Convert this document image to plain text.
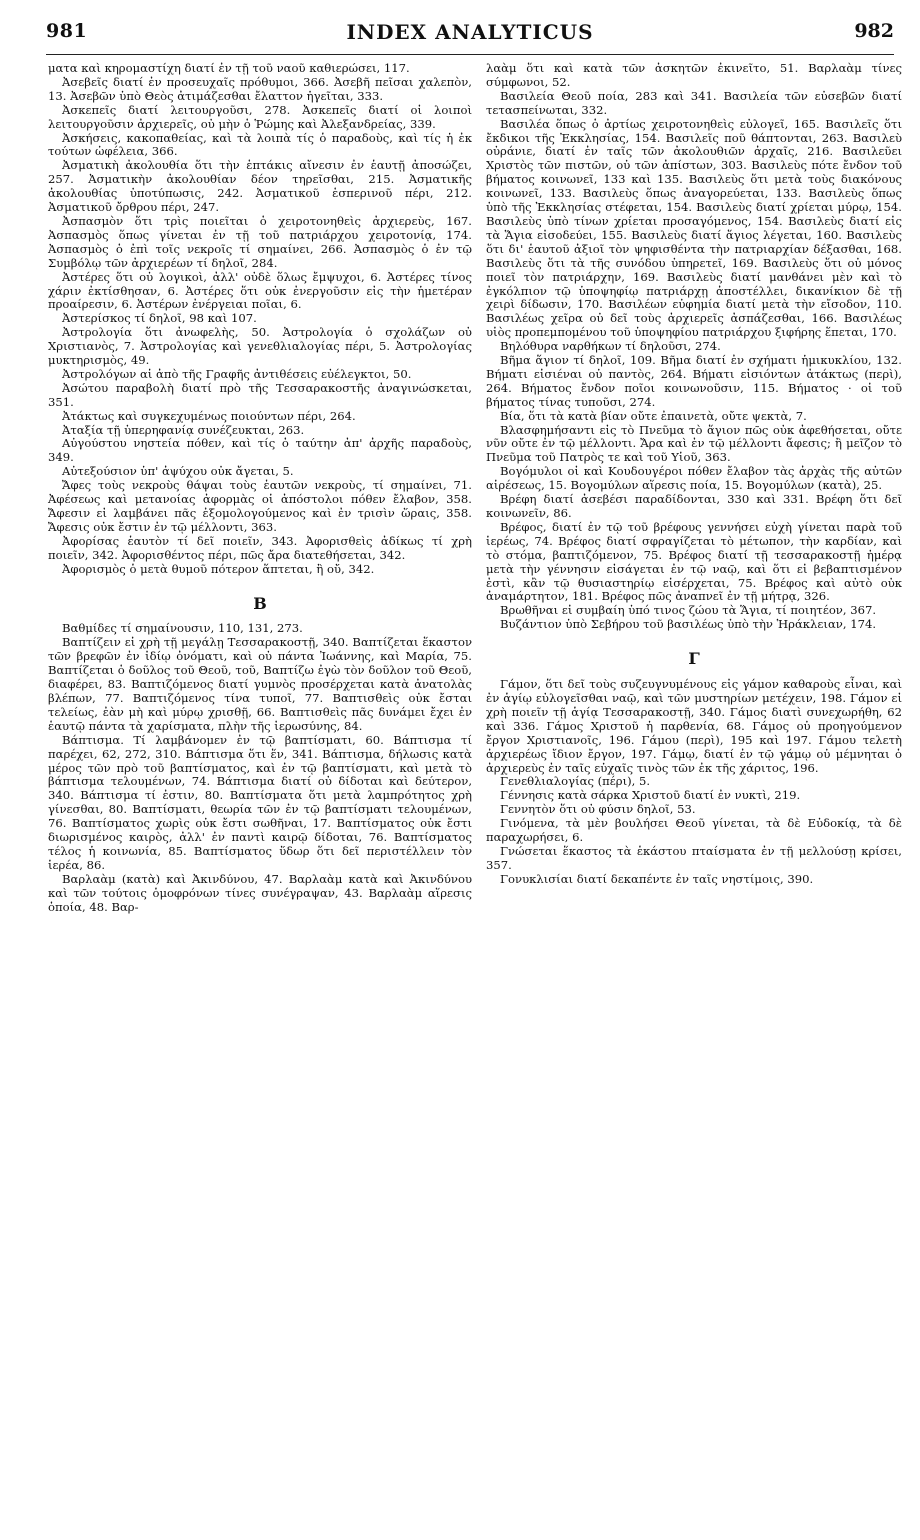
981	INDEX ANALYTICUS	982

ματα καὶ κηρομαστίχη διατί ἐν τῇ τοῦ ναοῦ καθιερώσει, 117.

Ἀσεβεῖς διατί ἐν προσευχαῖς πρόθυμοι, 366. Ἀσεβῆ πεῖσαι χαλεπὸν, 13. Ἀσεβῶν ὑπὸ Θεὸς ἀτιμάζεσθαι ἔλαττον ἡγεῖται, 333.

Ἀσκεπεῖς διατί λειτουργοῦσι, 278. Ἀσκεπεῖς διατί οἱ λοιποὶ λειτουργοῦσιν ἀρχιερεῖς, οὐ μὴν ὁ Ῥώμης καὶ Ἀλεξανδρείας, 339.

Ἀσκήσεις, κακοπαθείας, καὶ τὰ λοιπὰ τίς ὁ παραδοὺς, καὶ τίς ἡ ἐκ τούτων ὠφέλεια, 366.

Ἀσματικὴ ἀκολουθία ὅτι τὴν ἑπτάκις αἴνεσιν ἐν ἑαυτῇ ἀποσώζει, 257. Ἀσματικὴν ἀκολουθίαν δέον τηρεῖσθαι, 215. Ἀσματικῆς ἀκολουθίας ὑποτύπωσις, 242. Ἀσματικοῦ ἑσπερινοῦ πέρι, 212. Ἀσματικοῦ ὄρθρου πέρι, 247.

Ἀσπασμὸν ὅτι τρὶς ποιεῖται ὁ χειροτονηθεὶς ἀρχιερεὺς, 167. Ἀσπασμὸς ὅπως γίνεται ἐν τῇ τοῦ πατριάρχου χειροτονίᾳ, 174. Ἀσπασμὸς ὁ ἐπὶ τοῖς νεκροῖς τί σημαίνει, 266. Ἀσπασμὸς ὁ ἐν τῷ Συμβόλῳ τῶν ἀρχιερέων τί δηλοῖ, 284.

Ἀστέρες ὅτι οὐ λογικοὶ, ἀλλ' οὐδὲ ὅλως ἔμψυχοι, 6. Ἀστέρες τίνος χάριν ἐκτίσθησαν, 6. Ἀστέρες ὅτι οὐκ ἐνεργοῦσιν εἰς τὴν ἡμετέραν προαίρεσιν, 6. Ἀστέρων ἐνέργειαι ποῖαι, 6.

Ἀστερίσκος τί δηλοῖ, 98 καὶ 107.

Ἀστρολογία ὅτι ἀνωφελὴς, 50. Ἀστρολογία ὁ σχολάζων οὐ Χριστιανὸς, 7. Ἀστρολογίας καὶ γενεθλιαλογίας πέρι, 5. Ἀστρολογίας μυκτηρισμὸς, 49.

Ἀστρολόγων αἱ ἀπὸ τῆς Γραφῆς ἀντιθέσεις εὐέλεγκτοι, 50.

Ἀσώτου παραβολὴ διατί πρὸ τῆς Τεσσαρακοστῆς ἀναγινώσκεται, 351.

Ἀτάκτως καὶ συγκεχυμένως ποιούντων πέρι, 264.

Ἀταξία τῇ ὑπερηφανίᾳ συνέζευκται, 263.

Αὐγούστου νηστεία πόθεν, καὶ τίς ὁ ταύτην ἀπ' ἀρχῆς παραδοὺς, 349.

Αὐτεξούσιον ὑπ' ἀψύχου οὐκ ἄγεται, 5.

Ἄφες τοὺς νεκροὺς θάψαι τοὺς ἑαυτῶν νεκροὺς, τί σημαίνει, 71. Ἀφέσεως καὶ μετανοίας ἀφορμὰς οἱ ἀπόστολοι πόθεν ἔλαβον, 358. Ἄφεσιν εἰ λαμβάνει πᾶς ἐξομολογούμενος καὶ ἐν τρισὶν ὥραις, 358. Ἄφεσις οὐκ ἔστιν ἐν τῷ μέλλοντι, 363.

Ἀφορίσας ἑαυτὸν τί δεῖ ποιεῖν, 343. Ἀφορισθεὶς ἀδίκως τί χρὴ ποιεῖν, 342. Ἀφορισθέντος πέρι, πῶς ἄρα διατεθήσεται, 342.

Ἀφορισμὸς ὁ μετὰ θυμοῦ πότερον ἅπτεται, ἢ οὔ, 342.

B

Βαθμίδες τί σημαίνουσιν, 110, 131, 273.

Βαπτίζειν εἰ χρὴ τῇ μεγάλῃ Τεσσαρακοστῇ, 340. Βαπτίζεται ἕκαστον τῶν βρεφῶν ἐν ἰδίῳ ὀνόματι, καὶ οὐ πάντα Ἰωάννης, καὶ Μαρία, 75. Βαπτίζεται ὁ δοῦλος τοῦ Θεοῦ, τοῦ, Βαπτίζω ἐγὼ τὸν δοῦλον τοῦ Θεοῦ, διαφέρει, 83. Βαπτιζόμενος διατί γυμνὸς προσέρχεται κατὰ ἀνατολὰς βλέπων, 77. Βαπτιζόμενος τίνα τυποῖ, 77. Βαπτισθεὶς οὐκ ἔσται τελείως, ἐὰν μὴ καὶ μύρῳ χρισθῇ, 66. Βαπτισθεὶς πᾶς δυνάμει ἔχει ἐν ἑαυτῷ πάντα τὰ χαρίσματα, πλὴν τῆς ἱερωσύνης, 84.

Βάπτισμα. Τί λαμβάνομεν ἐν τῷ βαπτίσματι, 60. Βάπτισμα τί παρέχει, 62, 272, 310. Βάπτισμα ὅτι ἕν, 341. Βάπτισμα, δήλωσις κατὰ μέρος τῶν πρὸ τοῦ βαπτίσματος, καὶ ἐν τῷ βαπτίσματι, καὶ μετὰ τὸ βάπτισμα τελουμένων, 74. Βάπτισμα διατί οὐ δίδοται καὶ δεύτερον, 340. Βάπτισμα τί ἐστιν, 80. Βαπτίσματα ὅτι μετὰ λαμπρότητος χρὴ γίνεσθαι, 80. Βαπτίσματι, θεωρία τῶν ἐν τῷ βαπτίσματι τελουμένων, 76. Βαπτίσματος χωρὶς οὐκ ἔστι σωθῆναι, 17. Βαπτίσματος οὐκ ἔστι διωρισμένος καιρὸς, ἀλλ' ἐν παντὶ καιρῷ δίδοται, 76. Βαπτίσματος τέλος ἡ κοινωνία, 85. Βαπτίσματος ὕδωρ ὅτι δεῖ περιστέλλειν τὸν ἱερέα, 86.

Βαρλαὰμ (κατὰ) καὶ Ἀκινδύνου, 47. Βαρλαὰμ κατὰ καὶ Ἀκινδύνου καὶ τῶν τούτοις ὁμοφρόνων τίνες συνέγραψαν, 43. Βαρλαὰμ αἵρεσις ὁποία, 48. Βαρ-

λαὰμ ὅτι καὶ κατὰ τῶν ἀσκητῶν ἐκινεῖτο, 51. Βαρλαὰμ τίνες σύμφωνοι, 52.

Βασιλεία Θεοῦ ποία, 283 καὶ 341. Βασιλεία τῶν εὐσεβῶν διατί τετασπείνωται, 332.

Βασιλέα ὅπως ὁ ἀρτίως χειροτονηθεὶς εὐλογεῖ, 165. Βασιλεῖς ὅτι ἔκδικοι τῆς Ἐκκλησίας, 154. Βασιλεῖς ποῦ θάπτονται, 263. Βασιλεὺ οὐράνιε, διατί ἐν ταῖς τῶν ἀκολουθιῶν ἀρχαῖς, 216. Βασιλεῦει Χριστὸς τῶν πιστῶν, οὐ τῶν ἀπίστων, 303. Βασιλεὺς πότε ἔνδον τοῦ βήματος κοινωνεῖ, 133 καὶ 135. Βασιλεὺς ὅτι μετὰ τοὺς διακόνους κοινωνεῖ, 133. Βασιλεὺς ὅπως ἀναγορεύεται, 133. Βασιλεὺς ὅπως ὑπὸ τῆς Ἐκκλησίας στέφεται, 154. Βασιλεὺς διατί χρίεται μύρῳ, 154. Βασιλεὺς ὑπὸ τίνων χρίεται προσαγόμενος, 154. Βασιλεὺς διατί εἰς τὰ Ἅγια εἰσοδεύει, 155. Βασιλεὺς διατί ἅγιος λέγεται, 160. Βασιλεὺς ὅτι δι' ἑαυτοῦ ἀξιοῖ τὸν ψηφισθέντα τὴν πατριαρχίαν δέξασθαι, 168. Βασιλεὺς ὅτι τὰ τῆς συνόδου ὑπηρετεῖ, 169. Βασιλεὺς ὅτι οὐ μόνος ποιεῖ τὸν πατριάρχην, 169. Βασιλεὺς διατί μανθάνει μὲν καὶ τὸ ἐγκόλπιον τῷ ὑποψηφίῳ πατριάρχῃ ἀποστέλλει, δικανίκιον δὲ τῇ χειρὶ δίδωσιν, 170. Βασιλέων εὐφημία διατί μετὰ τὴν εἴσοδον, 110. Βασιλέως χεῖρα οὐ δεῖ τοὺς ἀρχιερεῖς ἀσπάζεσθαι, 166. Βασιλέως υἱὸς προπεμπομένου τοῦ ὑποψηφίου πατριάρχου ξιφήρης ἕπεται, 170.

Βηλόθυρα ναρθήκων τί δηλοῦσι, 274.

Βῆμα ἅγιον τί δηλοῖ, 109. Βῆμα διατί ἐν σχήματι ἡμικυκλίου, 132. Βήματι εἰσιέναι οὐ παντὸς, 264. Βήματι εἰσιόντων ἀτάκτως (περὶ), 264. Βήματος ἔνδον ποῖοι κοινωνοῦσιν, 115. Βήματος · οἱ τοῦ βήματος τίνας τυποῦσι, 274.

Βία, ὅτι τὰ κατὰ βίαν οὔτε ἐπαινετὰ, οὔτε ψεκτὰ, 7.

Βλασφημήσαντι εἰς τὸ Πνεῦμα τὸ ἅγιον πῶς οὐκ ἀφεθήσεται, οὔτε νῦν οὔτε ἐν τῷ μέλλοντι. Ἄρα καὶ ἐν τῷ μέλλοντι ἄφεσις; ἢ μεῖζον τὸ Πνεῦμα τοῦ Πατρὸς τε καὶ τοῦ Υἱοῦ, 363.

Βογόμυλοι οἱ καὶ Κουδουγέροι πόθεν ἔλαβον τὰς ἀρχὰς τῆς αὐτῶν αἱρέσεως, 15. Βογομύλων αἵρεσις ποία, 15. Βογομύλων (κατὰ), 25.

Βρέφη διατί ἀσεβέσι παραδίδονται, 330 καὶ 331. Βρέφη ὅτι δεῖ κοινωνεῖν, 86.

Βρέφος, διατί ἐν τῷ τοῦ βρέφους γεννήσει εὐχὴ γίνεται παρὰ τοῦ ἱερέως, 74. Βρέφος διατί σφραγίζεται τὸ μέτωπον, τὴν καρδίαν, καὶ τὸ στόμα, βαπτιζόμενον, 75. Βρέφος διατί τῇ τεσσαρακοστῇ ἡμέρᾳ μετὰ τὴν γέννησιν εἰσάγεται ἐν τῷ ναῷ, καὶ ὅτι εἰ βεβαπτισμένον ἐστὶ, κἂν τῷ θυσιαστηρίῳ εἰσέρχεται, 75. Βρέφος καὶ αὐτὸ οὐκ ἀναμάρτητον, 181. Βρέφος πῶς ἀναπνεῖ ἐν τῇ μήτρᾳ, 326.

Βρωθῆναι εἰ συμβαίη ὑπό τινος ζώου τὰ Ἅγια, τί ποιητέον, 367.

Βυζάντιον ὑπὸ Σεβήρου τοῦ βασιλέως ὑπὸ τὴν Ἡράκλειαν, 174.

Γ

Γάμον, ὅτι δεῖ τοὺς συζευγνυμένους εἰς γάμον καθαροὺς εἶναι, καὶ ἐν ἁγίῳ εὐλογεῖσθαι ναῷ, καὶ τῶν μυστηρίων μετέχειν, 198. Γάμον εἰ χρὴ ποιεῖν τῇ ἁγίᾳ Τεσσαρακοστῇ, 340. Γάμος διατὶ συνεχωρήθη, 62 καὶ 336. Γάμος Χριστοῦ ἡ παρθενία, 68. Γάμος οὐ προηγούμενον ἔργον Χριστιανοῖς, 196. Γάμου (περὶ), 195 καὶ 197. Γάμου τελετὴ ἀρχιερέως ἴδιον ἔργον, 197. Γάμῳ, διατί ἐν τῷ γάμῳ οὐ μέμνηται ὁ ἀρχιερεὺς ἐν ταῖς εὐχαῖς τινὸς τῶν ἐκ τῆς χάριτος, 196.

Γενεθλιαλογίας (πέρι), 5.

Γέννησις κατὰ σάρκα Χριστοῦ διατί ἐν νυκτὶ, 219.

Γεννητὸν ὅτι οὐ φύσιν δηλοῖ, 53.

Γινόμενα, τὰ μὲν βουλήσει Θεοῦ γίνεται, τὰ δὲ Εὐδοκίᾳ, τὰ δὲ παραχωρήσει, 6.

Γνώσεται ἕκαστος τὰ ἑκάστου πταίσματα ἐν τῇ μελλούσῃ κρίσει, 357.

Γονυκλισίαι διατί δεκαπέντε ἐν ταῖς νηστίμοις, 390.
